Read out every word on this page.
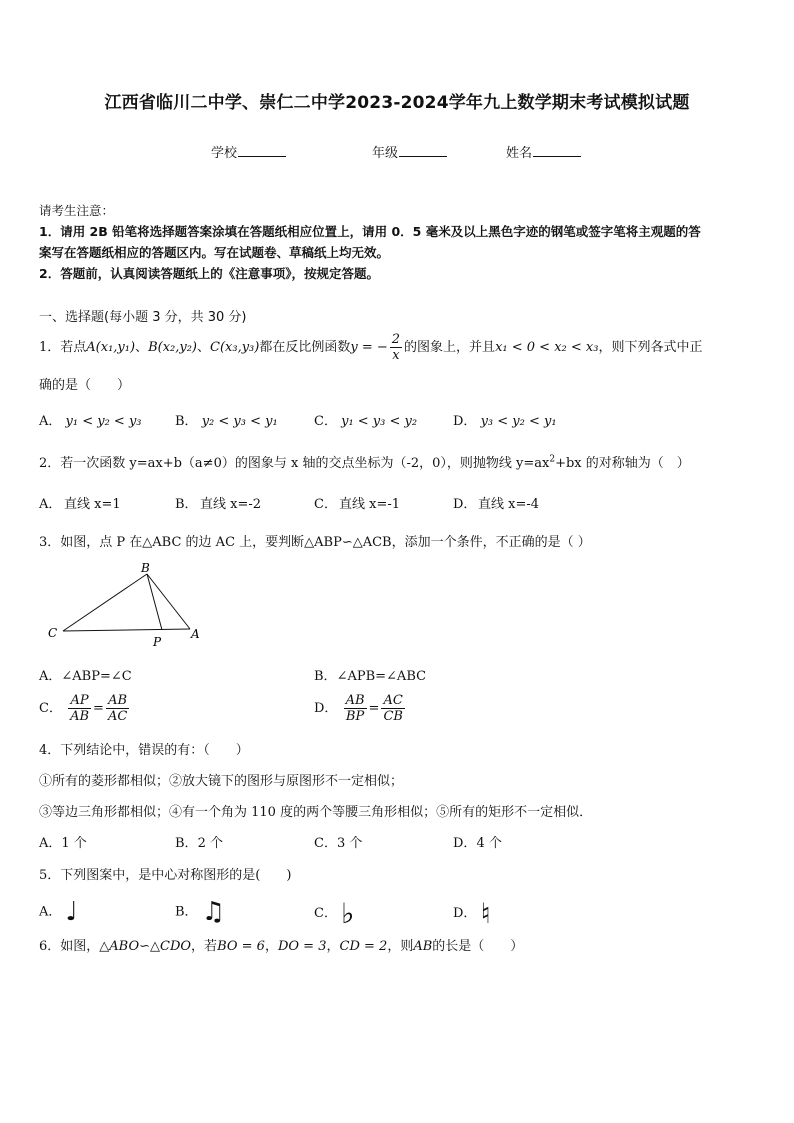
江西省临川二中学、崇仁二中学2023-2024学年九上数学期末考试模拟试题
学校	年级	姓名
请考生注意：
1．请用 2B 铅笔将选择题答案涂填在答题纸相应位置上，请用 0．5 毫米及以上黑色字迹的钢笔或签字笔将主观题的答
案写在答题纸相应的答题区内。写在试题卷、草稿纸上均无效。
2．答题前，认真阅读答题纸上的《注意事项》，按规定答题。
一、选择题(每小题 3 分，共 30 分)
1．若点A(x₁,y₁)、B(x₂,y₂)、C(x₃,y₃)都在反比例函数y = − $\frac{2}{x}$ 的图象上，并且x₁ < 0 < x₂ < x₃，则下列各式中正
确的是（　　）
A． y₁ < y₂ < y₃	B． y₂ < y₃ < y₁	C． y₁ < y₃ < y₂	D． y₃ < y₂ < y₁
2．若一次函数 y=ax+b（a≠0）的图象与 x 轴的交点坐标为（-2，0），则抛物线 $y=ax^2+bx$ 的对称轴为（　）
A． 直线 x=1	B． 直线 x=-2	C． 直线 x=-1	D． 直线 x=-4
3．如图，点 P 在△ABC 的边 AC 上，要判断△ABP∽△ACB，添加一个条件，不正确的是（ ）
B
C
P
A
A．∠ABP=∠C	B．∠APB=∠ABC
C． $\frac{AP}{AB} = \frac{AB}{AC}$	D． $\frac{AB}{BP} = \frac{AC}{CB}$
4．下列结论中，错误的有：（　　）
①所有的菱形都相似；②放大镜下的图形与原图形不一定相似；
③等边三角形都相似；④有一个角为 110 度的两个等腰三角形相似；⑤所有的矩形不一定相似．
A．1 个	B．2 个	C．3 个	D．4 个
5．下列图案中，是中心对称图形的是(　　)
A． ♩	B． ♫	C． ♭	D． ♮
6．如图，△ABO∽△CDO，若BO = 6，DO = 3，CD = 2，则AB的长是（　　）
